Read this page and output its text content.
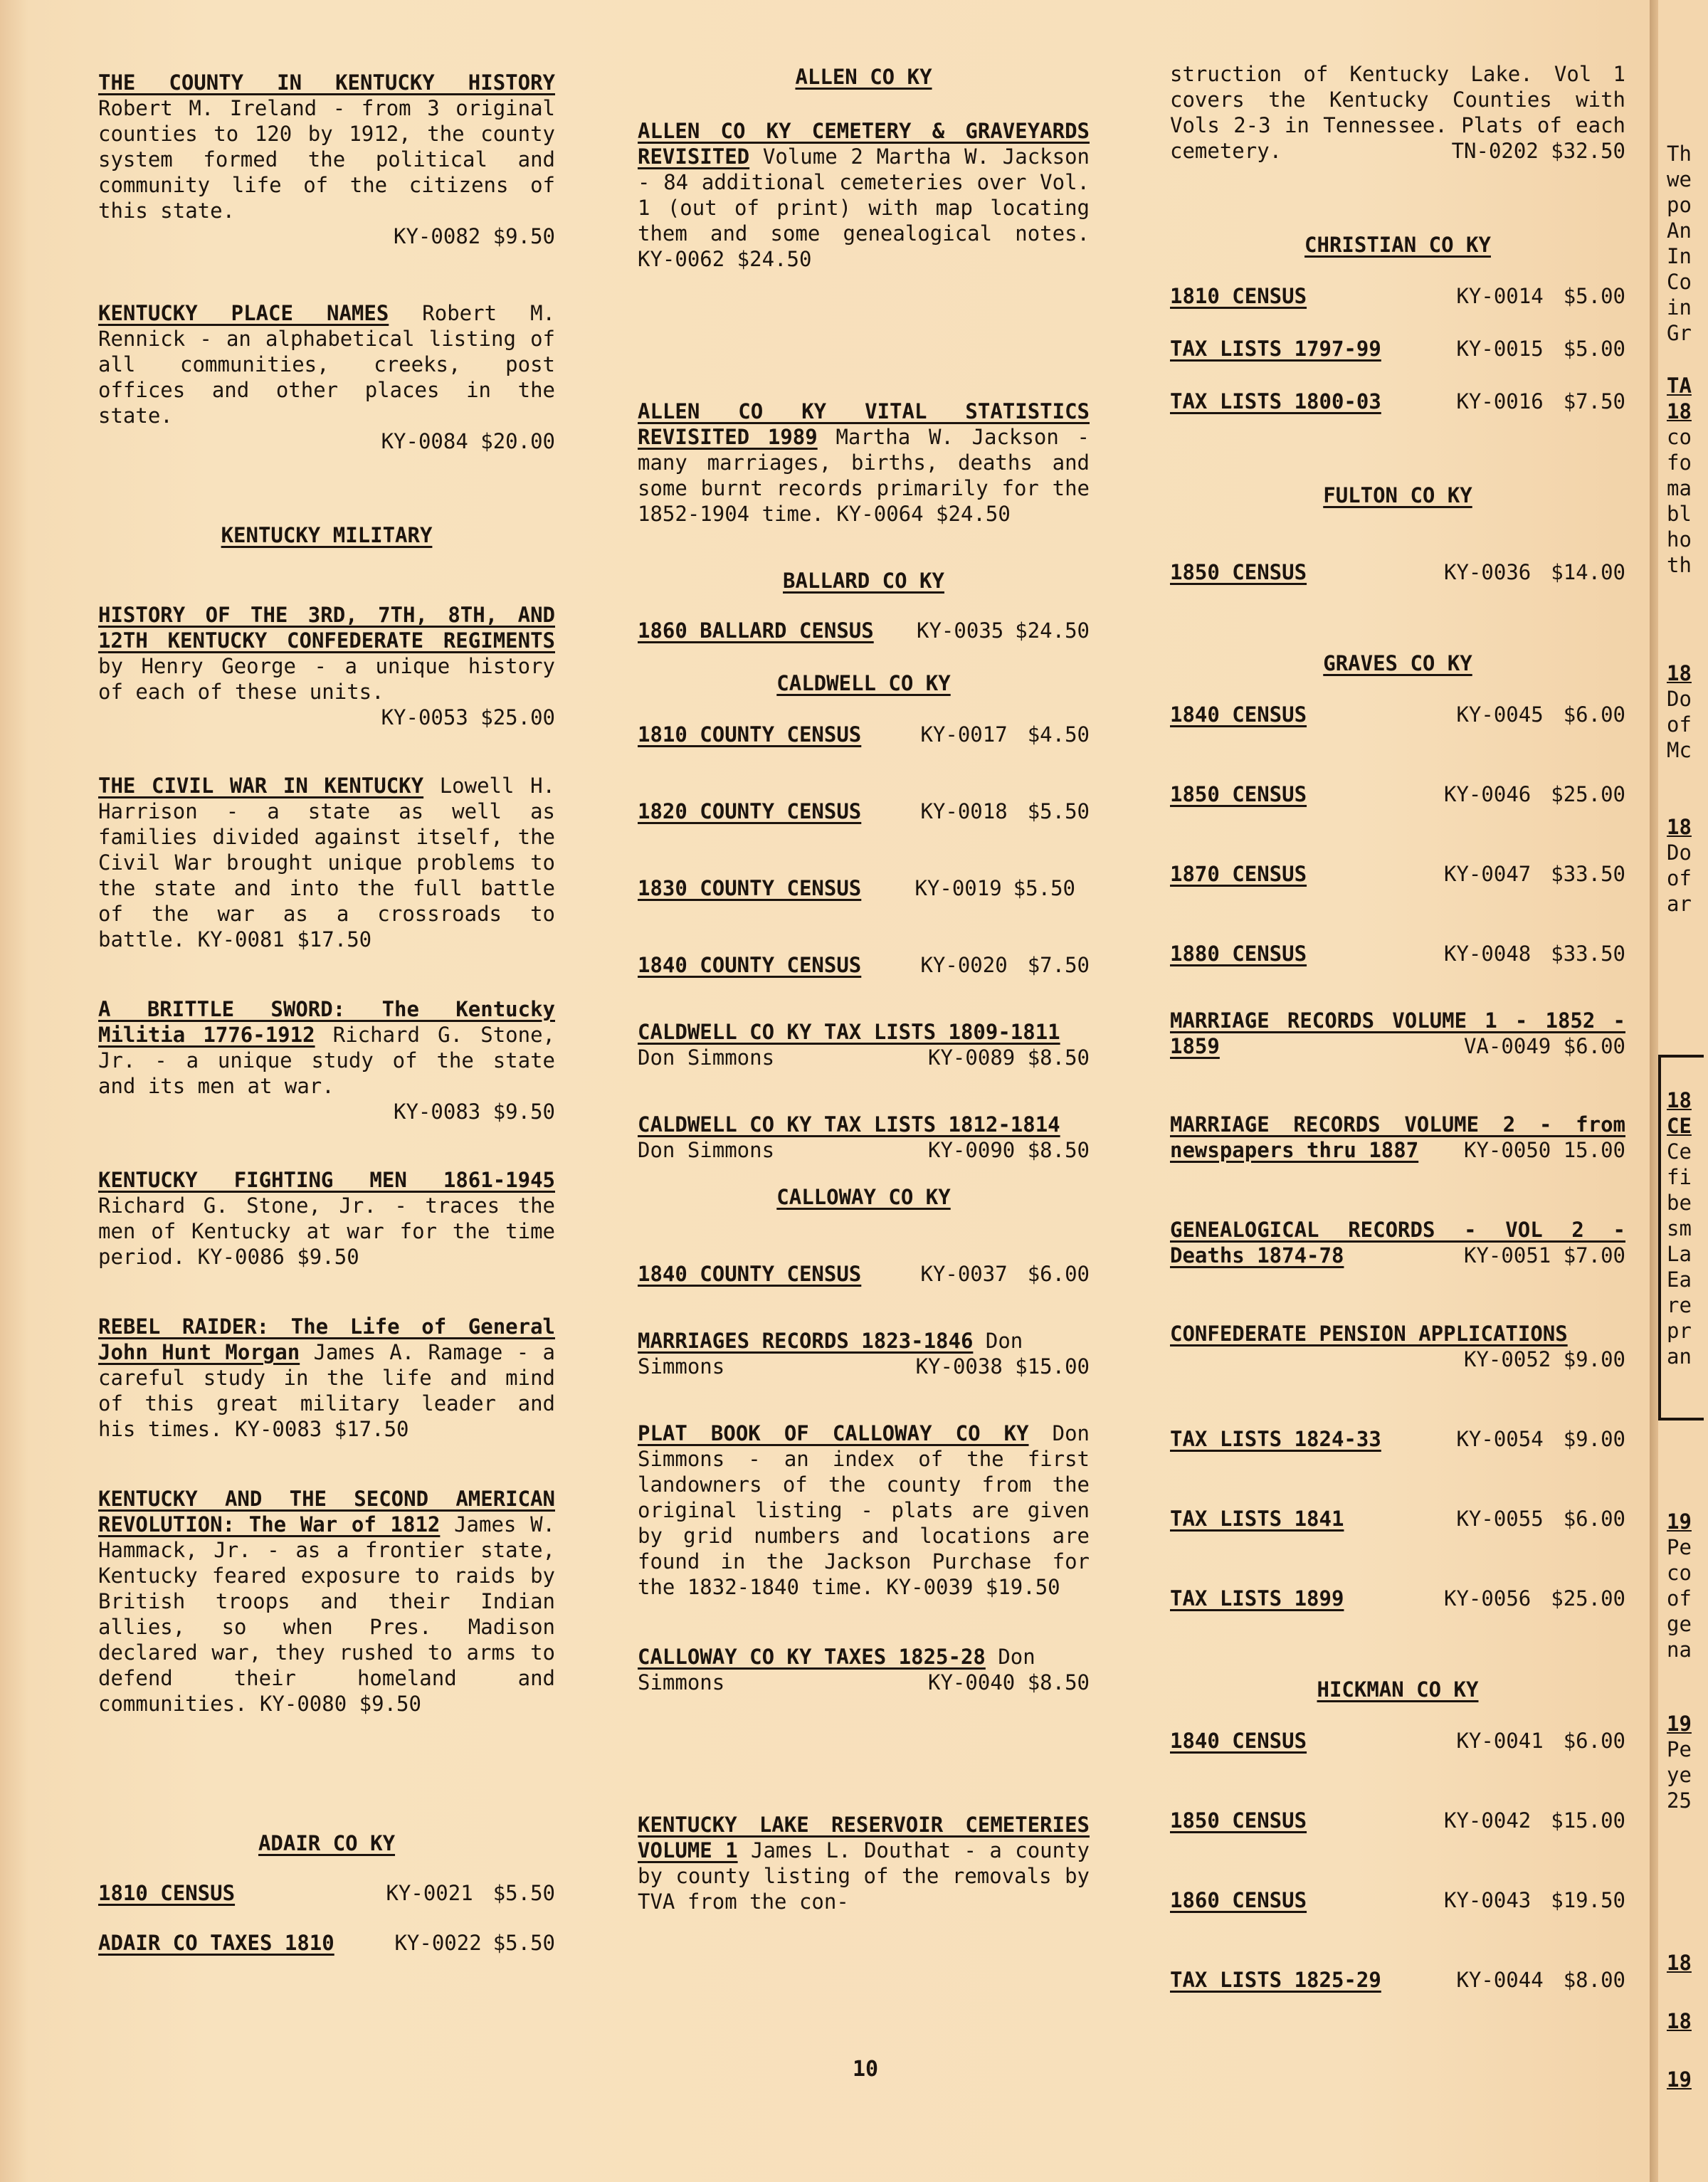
THE COUNTY IN KENTUCKY HISTORY Robert M. Ireland - from 3 original counties to 120 by 1912, the county system formed the political and community life of the citizens of this state.

KY-0082 $9.50

KENTUCKY PLACE NAMES Robert M. Rennick - an alphabetical listing of all communities, creeks, post offices and other places in the state.

KY-0084 $20.00

KENTUCKY MILITARY

HISTORY OF THE 3RD, 7TH, 8TH, AND 12TH KENTUCKY CONFEDERATE REGIMENTS by Henry George - a unique history of each of these units.

KY-0053 $25.00

THE CIVIL WAR IN KENTUCKY Lowell H. Harrison - a state as well as families divided against itself, the Civil War brought unique problems to the state and into the full battle of the war as a crossroads to battle. KY-0081 $17.50

A BRITTLE SWORD: The Kentucky Militia 1776-1912 Richard G. Stone, Jr. - a unique study of the state and its men at war.

KY-0083 $9.50

KENTUCKY FIGHTING MEN 1861-1945 Richard G. Stone, Jr. - traces the men of Kentucky at war for the time period. KY-0086 $9.50

REBEL RAIDER: The Life of General John Hunt Morgan James A. Ramage - a careful study in the life and mind of this great military leader and his times. KY-0083 $17.50

KENTUCKY AND THE SECOND AMERICAN REVOLUTION: The War of 1812 James W. Hammack, Jr. - as a frontier state, Kentucky feared exposure to raids by British troops and their Indian allies, so when Pres. Madison declared war, they rushed to arms to defend their homeland and communities. KY-0080 $9.50

ADAIR CO KY

1810 CENSUS	KY-0021 $5.50
ADAIR CO TAXES 1810	KY-0022 $5.50

ALLEN CO KY

ALLEN CO KY CEMETERY & GRAVEYARDS REVISITED Volume 2 Martha W. Jackson - 84 additional cemeteries over Vol. 1 (out of print) with map locating them and some genealogical notes. KY-0062 $24.50

ALLEN CO KY VITAL STATISTICS REVISITED 1989 Martha W. Jackson - many marriages, births, deaths and some burnt records primarily for the 1852-1904 time. KY-0064 $24.50

BALLARD CO KY

1860 BALLARD CENSUS	KY-0035 $24.50

CALDWELL CO KY

1810 COUNTY CENSUS	KY-0017 $4.50
1820 COUNTY CENSUS	KY-0018 $5.50
1830 COUNTY CENSUS	KY-0019 $5.50
1840 COUNTY CENSUS	KY-0020 $7.50

CALDWELL CO KY TAX LISTS 1809-1811

Don Simmons	KY-0089 $8.50

CALDWELL CO KY TAX LISTS 1812-1814

Don Simmons	KY-0090 $8.50

CALLOWAY CO KY

1840 COUNTY CENSUS	KY-0037 $6.00

MARRIAGES RECORDS 1823-1846 Don

Simmons	KY-0038 $15.00

PLAT BOOK OF CALLOWAY CO KY Don Simmons - an index of the first landowners of the county from the original listing - plats are given by grid numbers and locations are found in the Jackson Purchase for the 1832-1840 time. KY-0039 $19.50

CALLOWAY CO KY TAXES 1825-28 Don

Simmons	KY-0040 $8.50

KENTUCKY LAKE RESERVOIR CEMETERIES VOLUME 1 James L. Douthat - a county by county listing of the removals by TVA from the con-

struction of Kentucky Lake. Vol 1 covers the Kentucky Counties with Vols 2-3 in Tennessee. Plats of each cemetery.	TN-0202 $32.50

CHRISTIAN CO KY

1810 CENSUS	KY-0014 $5.00
TAX LISTS 1797-99	KY-0015 $5.00
TAX LISTS 1800-03	KY-0016 $7.50

FULTON CO KY

1850 CENSUS	KY-0036 $14.00

GRAVES CO KY

1840 CENSUS	KY-0045 $6.00
1850 CENSUS	KY-0046 $25.00
1870 CENSUS	KY-0047 $33.50
1880 CENSUS	KY-0048 $33.50

MARRIAGE RECORDS VOLUME 1 - 1852 -

1859	VA-0049 $6.00

MARRIAGE RECORDS VOLUME 2 - from

newspapers thru 1887 KY-0050 15.00

GENEALOGICAL RECORDS - VOL 2 -

Deaths 1874-78	KY-0051 $7.00

CONFEDERATE PENSION APPLICATIONS

KY-0052 $9.00

TAX LISTS 1824-33	KY-0054 $9.00
TAX LISTS 1841	KY-0055 $6.00
TAX LISTS 1899	KY-0056 $25.00

HICKMAN CO KY

1840 CENSUS	KY-0041 $6.00
1850 CENSUS	KY-0042 $15.00
1860 CENSUS	KY-0043 $19.50
TAX LISTS 1825-29	KY-0044 $8.00
10
Th
we
po
An
In
Co
in
Gr
TA
18
co
fo
ma
bl
ho
th
18
Do
of
Mc
18
Do
of
ar
18
CE
Ce
fi
be
sm
La
Ea
re
pr
an
19
Pe
co
of
ge
na
19
Pe
ye
25
18
18
19
